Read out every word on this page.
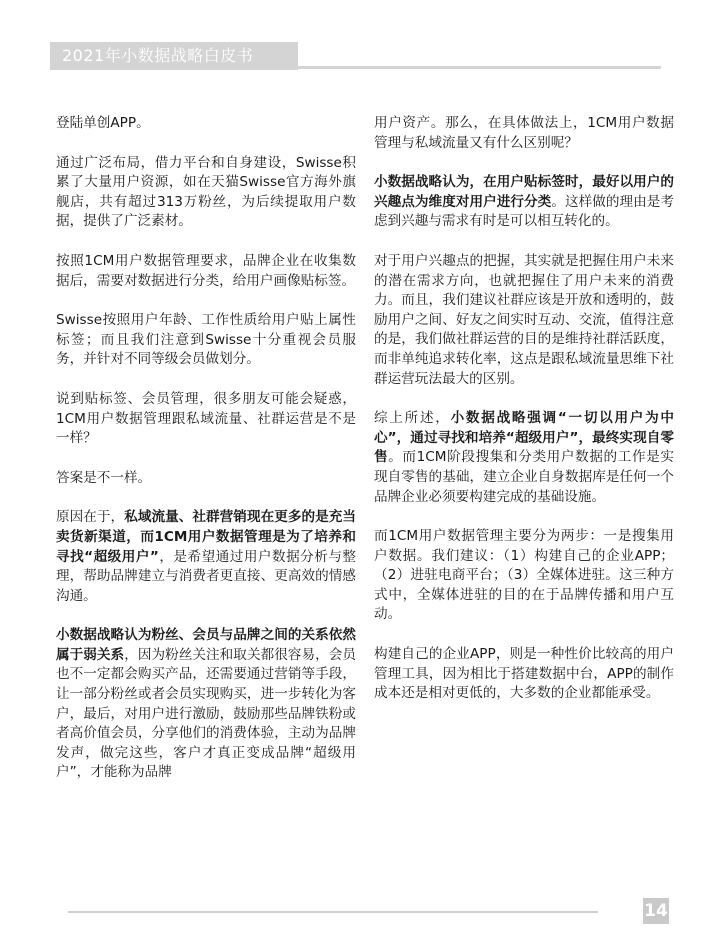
2021年小数据战略白皮书

登陆单创APP。

通过广泛布局，借力平台和自身建设，Swisse积累了大量用户资源，如在天猫Swisse官方海外旗舰店，共有超过313万粉丝，为后续提取用户数据，提供了广泛素材。

按照1CM用户数据管理要求，品牌企业在收集数据后，需要对数据进行分类，给用户画像贴标签。

Swisse按照用户年龄、工作性质给用户贴上属性标签；而且我们注意到Swisse十分重视会员服务，并针对不同等级会员做划分。

说到贴标签、会员管理，很多朋友可能会疑惑，1CM用户数据管理跟私域流量、社群运营是不是一样？

答案是不一样。

原因在于，私域流量、社群营销现在更多的是充当卖货新渠道，而1CM用户数据管理是为了培养和寻找“超级用户”，是希望通过用户数据分析与整理，帮助品牌建立与消费者更直接、更高效的情感沟通。

小数据战略认为粉丝、会员与品牌之间的关系依然属于弱关系，因为粉丝关注和取关都很容易，会员也不一定都会购买产品，还需要通过营销等手段，让一部分粉丝或者会员实现购买，进一步转化为客户，最后，对用户进行激励，鼓励那些品牌铁粉或者高价值会员，分享他们的消费体验，主动为品牌发声，做完这些，客户才真正变成品牌“超级用户”，才能称为品牌

用户资产。那么，在具体做法上，1CM用户数据管理与私域流量又有什么区别呢？

小数据战略认为，在用户贴标签时，最好以用户的兴趣点为维度对用户进行分类。这样做的理由是考虑到兴趣与需求有时是可以相互转化的。

对于用户兴趣点的把握，其实就是把握住用户未来的潜在需求方向，也就把握住了用户未来的消费力。而且，我们建议社群应该是开放和透明的，鼓励用户之间、好友之间实时互动、交流，值得注意的是，我们做社群运营的目的是维持社群活跃度，而非单纯追求转化率，这点是跟私域流量思维下社群运营玩法最大的区别。

综上所述，小数据战略强调“一切以用户为中心”，通过寻找和培养“超级用户”，最终实现自零售。而1CM阶段搜集和分类用户数据的工作是实现自零售的基础，建立企业自身数据库是任何一个品牌企业必须要构建完成的基础设施。

而1CM用户数据管理主要分为两步：一是搜集用户数据。我们建议：（1）构建自己的企业APP；（2）进驻电商平台；（3）全媒体进驻。这三种方式中，全媒体进驻的目的在于品牌传播和用户互动。

构建自己的企业APP，则是一种性价比较高的用户管理工具，因为相比于搭建数据中台，APP的制作成本还是相对更低的，大多数的企业都能承受。

14
